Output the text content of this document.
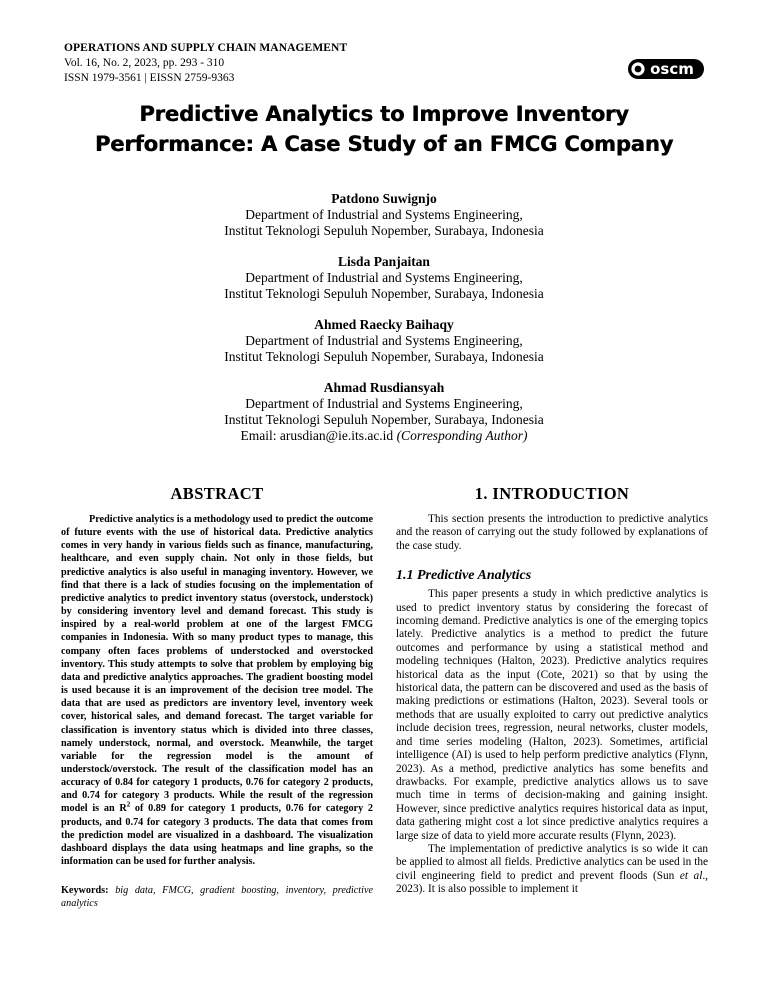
OPERATIONS AND SUPPLY CHAIN MANAGEMENT
Vol. 16, No. 2, 2023, pp. 293 - 310
ISSN 1979-3561 | EISSN 2759-9363	oscm
Predictive Analytics to Improve Inventory
Performance: A Case Study of an FMCG Company
Patdono Suwignjo
Department of Industrial and Systems Engineering,
Institut Teknologi Sepuluh Nopember, Surabaya, Indonesia
Lisda Panjaitan
Department of Industrial and Systems Engineering,
Institut Teknologi Sepuluh Nopember, Surabaya, Indonesia
Ahmed Raecky Baihaqy
Department of Industrial and Systems Engineering,
Institut Teknologi Sepuluh Nopember, Surabaya, Indonesia
Ahmad Rusdiansyah
Department of Industrial and Systems Engineering,
Institut Teknologi Sepuluh Nopember, Surabaya, Indonesia
Email: arusdian@ie.its.ac.id (Corresponding Author)
ABSTRACT
Predictive analytics is a methodology used to predict the outcome of future events with the use of historical data. Predictive analytics comes in very handy in various fields such as finance, manufacturing, healthcare, and even supply chain. Not only in those fields, but predictive analytics is also useful in managing inventory. However, we find that there is a lack of studies focusing on the implementation of predictive analytics to predict inventory status (overstock, understock) by considering inventory level and demand forecast. This study is inspired by a real-world problem at one of the largest FMCG companies in Indonesia. With so many product types to manage, this company often faces problems of understocked and overstocked inventory. This study attempts to solve that problem by employing big data and predictive analytics approaches. The gradient boosting model is used because it is an improvement of the decision tree model. The data that are used as predictors are inventory level, inventory week cover, historical sales, and demand forecast. The target variable for classification is inventory status which is divided into three classes, namely understock, normal, and overstock. Meanwhile, the target variable for the regression model is the amount of understock/overstock. The result of the classification model has an accuracy of 0.84 for category 1 products, 0.76 for category 2 products, and 0.74 for category 3 products. While the result of the regression model is an $R^2$ of 0.89 for category 1 products, 0.76 for category 2 products, and 0.74 for category 3 products. The data that comes from the prediction model are visualized in a dashboard. The visualization dashboard displays the data using heatmaps and line graphs, so the information can be used for further analysis.
Keywords: big data, FMCG, gradient boosting, inventory, predictive analytics
1. INTRODUCTION
This section presents the introduction to predictive analytics and the reason of carrying out the study followed by explanations of the case study.
1.1 Predictive Analytics
This paper presents a study in which predictive analytics is used to predict inventory status by considering the forecast of incoming demand. Predictive analytics is one of the emerging topics lately. Predictive analytics is a method to predict the future outcomes and performance by using a statistical method and modeling techniques (Halton, 2023). Predictive analytics requires historical data as the input (Cote, 2021) so that by using the historical data, the pattern can be discovered and used as the basis of making predictions or estimations (Halton, 2023). Several tools or methods that are usually exploited to carry out predictive analytics include decision trees, regression, neural networks, cluster models, and time series modeling (Halton, 2023). Sometimes, artificial intelligence (AI) is used to help perform predictive analytics (Flynn, 2023). As a method, predictive analytics has some benefits and drawbacks. For example, predictive analytics allows us to save much time in terms of decision-making and gaining insight. However, since predictive analytics requires historical data as input, data gathering might cost a lot since predictive analytics requires a large size of data to yield more accurate results (Flynn, 2023).
The implementation of predictive analytics is so wide it can be applied to almost all fields. Predictive analytics can be used in the civil engineering field to predict and prevent floods (Sun et al., 2023). It is also possible to implement it
